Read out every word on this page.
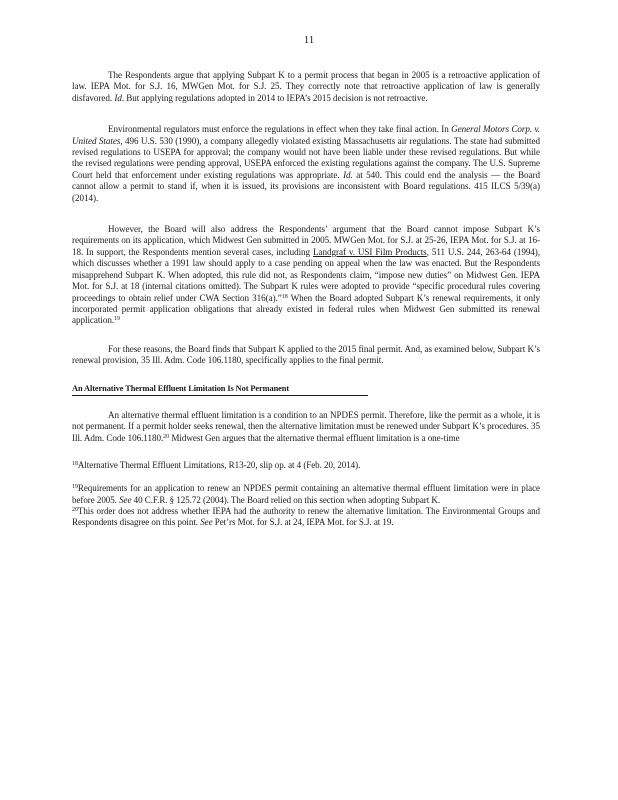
11

The Respondents argue that applying Subpart K to a permit process that began in 2005 is a retroactive application of law. IEPA Mot. for S.J. 16, MWGen Mot. for S.J. 25. They correctly note that retroactive application of law is generally disfavored. Id. But applying regulations adopted in 2014 to IEPA’s 2015 decision is not retroactive.

Environmental regulators must enforce the regulations in effect when they take final action. In General Motors Corp. v. United States, 496 U.S. 530 (1990), a company allegedly violated existing Massachusetts air regulations. The state had submitted revised regulations to USEPA for approval; the company would not have been liable under these revised regulations. But while the revised regulations were pending approval, USEPA enforced the existing regulations against the company. The U.S. Supreme Court held that enforcement under existing regulations was appropriate. Id. at 540. This could end the analysis — the Board cannot allow a permit to stand if, when it is issued, its provisions are inconsistent with Board regulations. 415 ILCS 5/39(a) (2014).

However, the Board will also address the Respondents’ argument that the Board cannot impose Subpart K’s requirements on its application, which Midwest Gen submitted in 2005. MWGen Mot. for S.J. at 25-26, IEPA Mot. for S.J. at 16-18. In support, the Respondents mention several cases, including Landgraf v. USI Film Products, 511 U.S. 244, 263-64 (1994), which discusses whether a 1991 law should apply to a case pending on appeal when the law was enacted. But the Respondents misapprehend Subpart K. When adopted, this rule did not, as Respondents claim, “impose new duties” on Midwest Gen. IEPA Mot. for S.J. at 18 (internal citations omitted). The Subpart K rules were adopted to provide “specific procedural rules covering proceedings to obtain relief under CWA Section 316(a).”$^{18}$ When the Board adopted Subpart K’s renewal requirements, it only incorporated permit application obligations that already existed in federal rules when Midwest Gen submitted its renewal application.$^{19}$

For these reasons, the Board finds that Subpart K applied to the 2015 final permit. And, as examined below, Subpart K’s renewal provision, 35 Ill. Adm. Code 106.1180, specifically applies to the final permit.

An Alternative Thermal Effluent Limitation Is Not Permanent

An alternative thermal effluent limitation is a condition to an NPDES permit. Therefore, like the permit as a whole, it is not permanent. If a permit holder seeks renewal, then the alternative limitation must be renewed under Subpart K’s procedures. 35 Ill. Adm. Code 106.1180.20 Midwest Gen argues that the alternative thermal effluent limitation is a one-time

$^{18}$Alternative Thermal Effluent Limitations, R13-20, slip op. at 4 (Feb. 20, 2014).

$^{19}$Requirements for an application to renew an NPDES permit containing an alternative thermal effluent limitation were in place before 2005. See 40 C.F.R. § 125.72 (2004). The Board relied on this section when adopting Subpart K.

$^{20}$This order does not address whether IEPA had the authority to renew the alternative limitation. The Environmental Groups and Respondents disagree on this point. See Pet’rs Mot. for S.J. at 24, IEPA Mot. for S.J. at 19.
